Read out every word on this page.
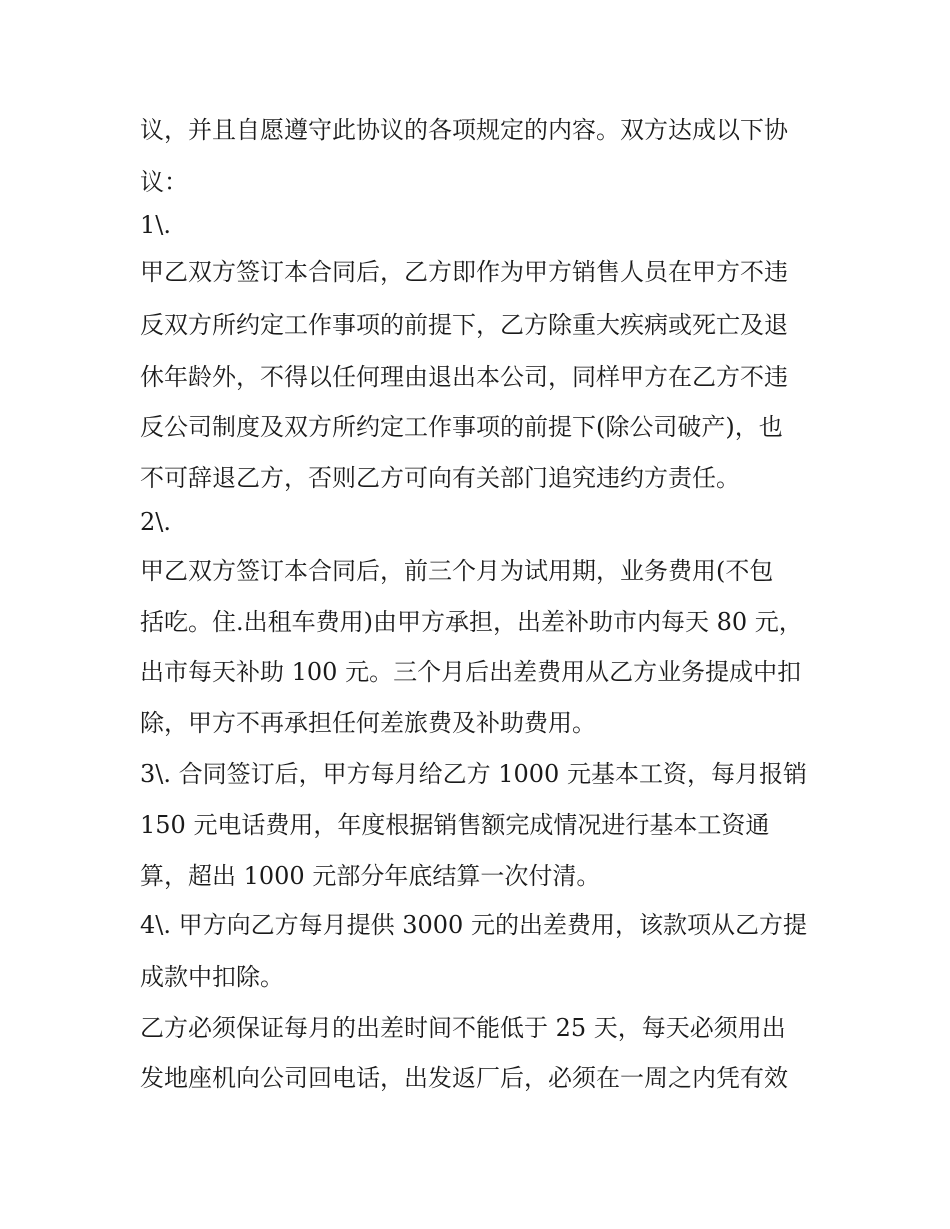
议，并且自愿遵守此协议的各项规定的内容。双方达成以下协
议：
1\.
甲乙双方签订本合同后，乙方即作为甲方销售人员在甲方不违
反双方所约定工作事项的前提下，乙方除重大疾病或死亡及退
休年龄外，不得以任何理由退出本公司，同样甲方在乙方不违
反公司制度及双方所约定工作事项的前提下(除公司破产)，也
不可辞退乙方，否则乙方可向有关部门追究违约方责任。
2\.
甲乙双方签订本合同后，前三个月为试用期，业务费用(不包
括吃。住.出租车费用)由甲方承担，出差补助市内每天 80 元，
出市每天补助 100 元。三个月后出差费用从乙方业务提成中扣
除，甲方不再承担任何差旅费及补助费用。
3\. 合同签订后，甲方每月给乙方 1000 元基本工资，每月报销
150 元电话费用，年度根据销售额完成情况进行基本工资通
算，超出 1000 元部分年底结算一次付清。
4\. 甲方向乙方每月提供 3000 元的出差费用，该款项从乙方提
成款中扣除。
乙方必须保证每月的出差时间不能低于 25 天，每天必须用出
发地座机向公司回电话，出发返厂后，必须在一周之内凭有效
